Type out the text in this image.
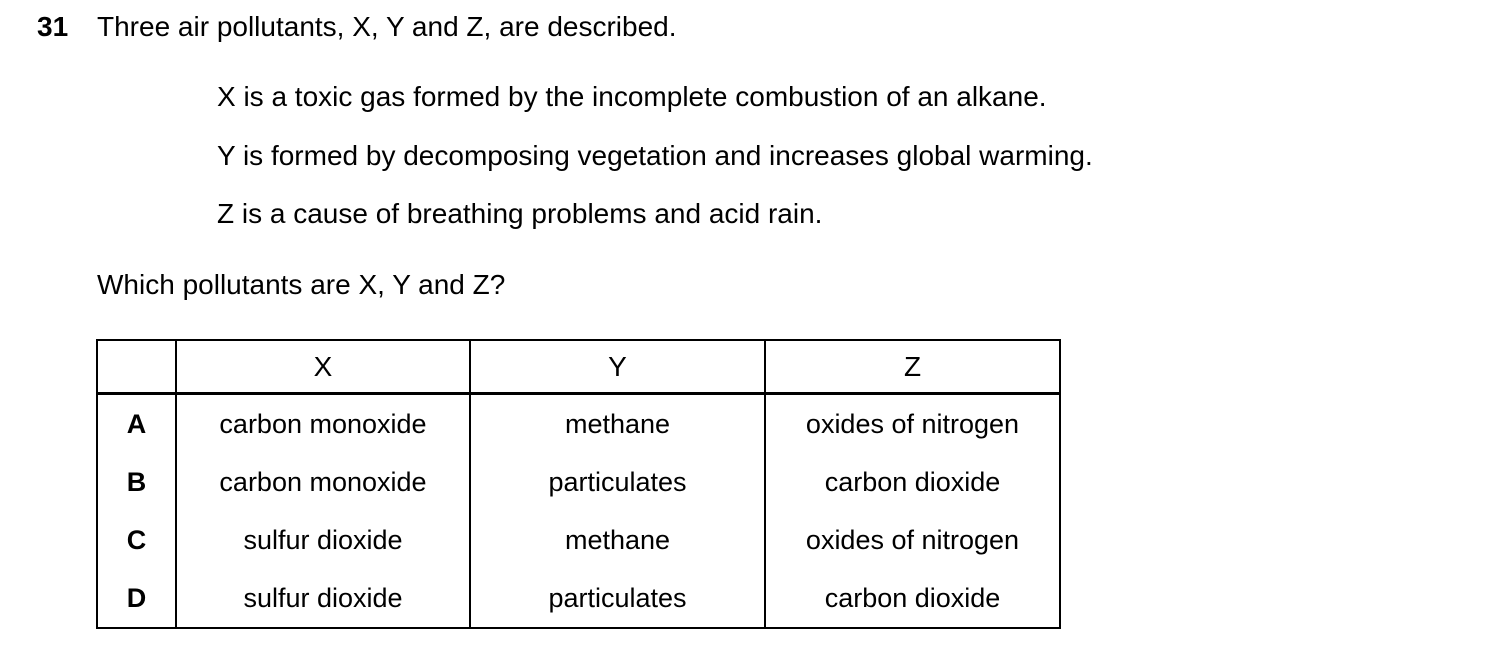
31 Three air pollutants, X, Y and Z, are described.
X is a toxic gas formed by the incomplete combustion of an alkane.
Y is formed by decomposing vegetation and increases global warming.
Z is a cause of breathing problems and acid rain.
Which pollutants are X, Y and Z?
	X	Y	Z
A	carbon monoxide	methane	oxides of nitrogen
B	carbon monoxide	particulates	carbon dioxide
C	sulfur dioxide	methane	oxides of nitrogen
D	sulfur dioxide	particulates	carbon dioxide
